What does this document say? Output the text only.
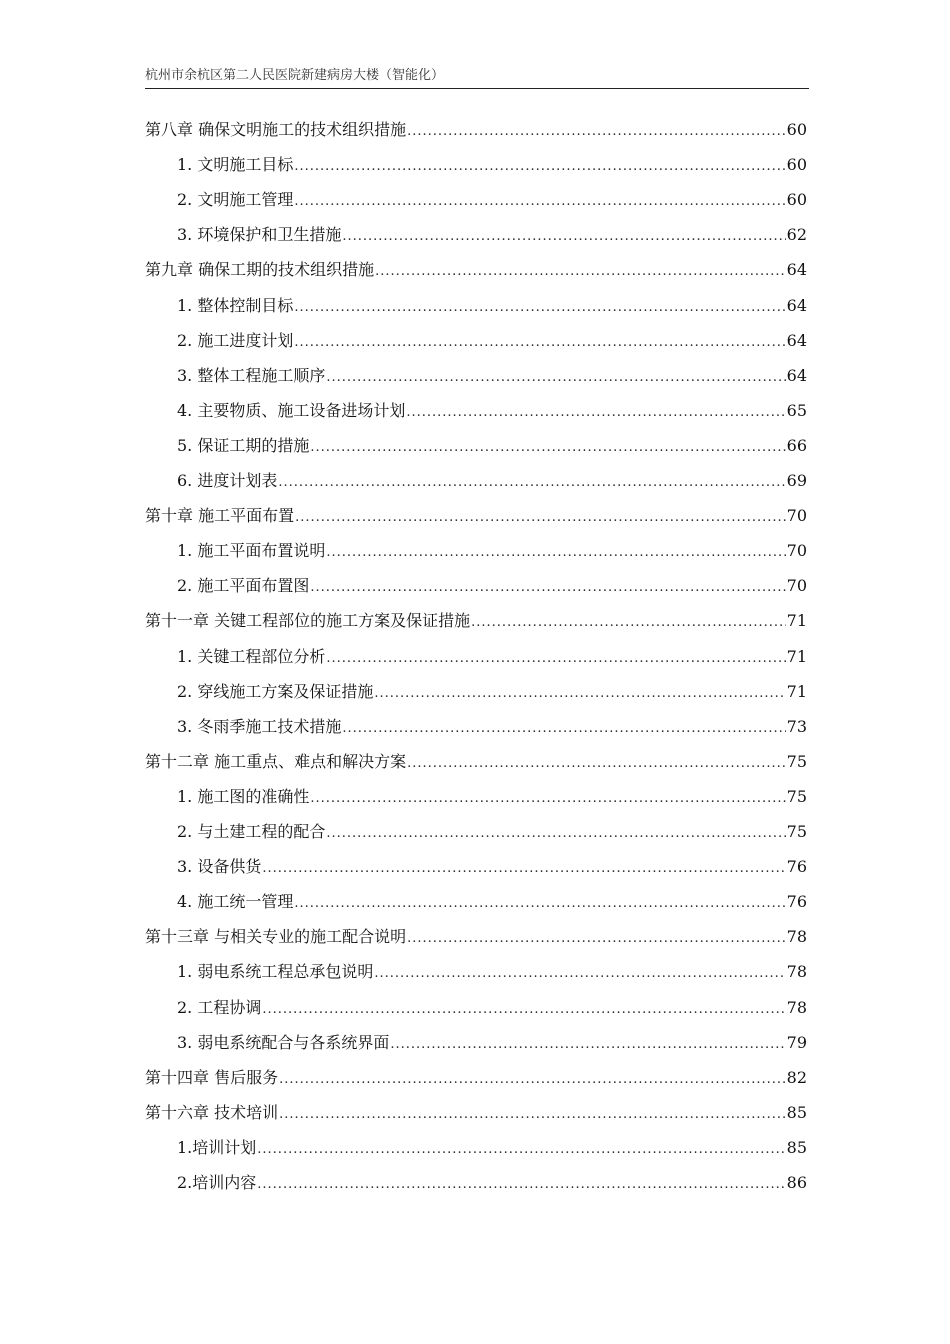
杭州市余杭区第二人民医院新建病房大楼（智能化）
第八章 确保文明施工的技术组织措施 .....	60
1. 文明施工目标 .....	60
2. 文明施工管理 .....	60
3. 环境保护和卫生措施 .....	62
第九章 确保工期的技术组织措施 .....	64
1. 整体控制目标 .....	64
2. 施工进度计划 .....	64
3. 整体工程施工顺序 .....	64
4. 主要物质、施工设备进场计划 .....	65
5. 保证工期的措施 .....	66
6. 进度计划表 .....	69
第十章 施工平面布置 .....	70
1. 施工平面布置说明 .....	70
2. 施工平面布置图 .....	70
第十一章 关键工程部位的施工方案及保证措施 .....	71
1. 关键工程部位分析 .....	71
2. 穿线施工方案及保证措施 .....	71
3. 冬雨季施工技术措施 .....	73
第十二章 施工重点、难点和解决方案 .....	75
1. 施工图的准确性 .....	75
2. 与土建工程的配合 .....	75
3. 设备供货 .....	76
4. 施工统一管理 .....	76
第十三章 与相关专业的施工配合说明 .....	78
1. 弱电系统工程总承包说明 .....	78
2. 工程协调 .....	78
3. 弱电系统配合与各系统界面 .....	79
第十四章 售后服务 .....	82
第十六章 技术培训 .....	85
1.培训计划 .....	85
2.培训内容 .....	86
